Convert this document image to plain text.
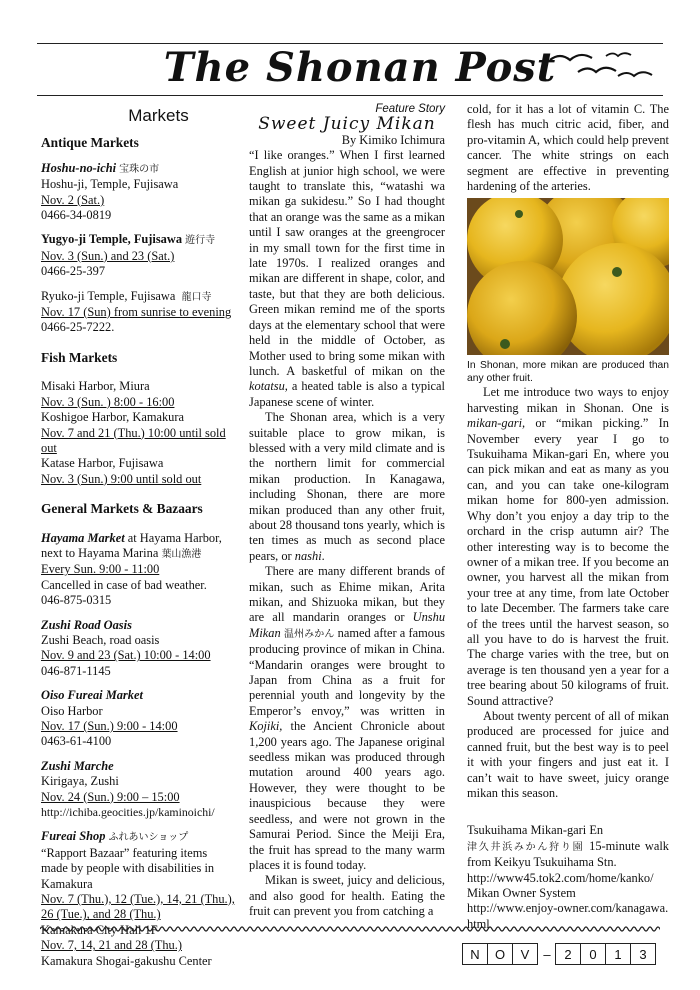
The Shonan Post
Markets
Antique Markets

Hoshu-no-ichi 宝珠の市

Hoshu-ji, Temple, Fujisawa

Nov. 2 (Sat.)

0466-34-0819

Yugyo-ji Temple, Fujisawa 遊行寺

Nov. 3 (Sun.) and 23 (Sat.)

0466-25-397

Ryuko-ji Temple, Fujisawa 龍口寺

Nov. 17 (Sun) from sunrise to evening 0466-25-7222.

Fish Markets

Misaki Harbor, Miura

Nov. 3 (Sun. ) 8:00 - 16:00

Koshigoe Harbor, Kamakura

Nov. 7 and 21 (Thu.) 10:00 until sold out

Katase Harbor, Fujisawa

Nov. 3 (Sun.) 9:00 until sold out

General Markets & Bazaars

Hayama Market at Hayama Harbor, next to Hayama Marina 葉山漁港

Every Sun. 9:00 - 11:00

Cancelled in case of bad weather.

046-875-0315

Zushi Road Oasis

Zushi Beach, road oasis

Nov. 9 and 23 (Sat.) 10:00 - 14:00

046-871-1145

Oiso Fureai Market

Oiso Harbor

Nov. 17 (Sun.) 9:00 - 14:00

0463-61-4100

Zushi Marche

Kirigaya, Zushi

Nov. 24 (Sun.) 9:00 – 15:00

http://ichiba.geocities.jp/kaminoichi/

Fureai Shop ふれあいショップ

“Rapport Bazaar” featuring items made by people with disabilities in Kamakura

Nov. 7 (Thu.), 12 (Tue.), 14, 21 (Thu.), 26 (Tue.), and 28 (Thu.)

Kamakura City Hall 1F

Nov. 7, 14, 21 and 28 (Thu.)

Kamakura Shogai-gakushu Center

Feature Story

Sweet Juicy Mikan

By Kimiko Ichimura

“I like oranges.” When I first learned English at junior high school, we were taught to translate this, “watashi wa mikan ga sukidesu.” So I had thought that an orange was the same as a mikan until I saw oranges at the greengrocer in my small town for the first time in late 1970s. I realized oranges and mikan are different in shape, color, and taste, but that they are both delicious. Green mikan remind me of the sports days at the elementary school that were held in the middle of October, as Mother used to bring some mikan with lunch. A basketful of mikan on the kotatsu, a heated table is also a typical Japanese scene of winter.

The Shonan area, which is a very suitable place to grow mikan, is blessed with a very mild climate and is the northern limit for commercial mikan production. In Kanagawa, including Shonan, there are more mikan produced than any other fruit, about 28 thousand tons yearly, which is ten times as much as second place pears, or nashi.

There are many different brands of mikan, such as Ehime mikan, Arita mikan, and Shizuoka mikan, but they are all mandarin oranges or Unshu Mikan 温州みかん named after a famous producing province of mikan in China. “Mandarin oranges were brought to Japan from China as a fruit for perennial youth and longevity by the Emperor’s envoy,” was written in Kojiki, the Ancient Chronicle about 1,200 years ago. The Japanese original seedless mikan was produced through mutation around 400 years ago. However, they were thought to be inauspicious because they were seedless, and were not grown in the Samurai Period. Since the Meiji Era, the fruit has spread to the many warm places it is found today.

Mikan is sweet, juicy and delicious, and also good for health. Eating the fruit can prevent you from catching a

cold, for it has a lot of vitamin C. The flesh has much citric acid, fiber, and pro-vitamin A, which could help prevent cancer. The white strings on each segment are effective in preventing hardening of the arteries.

In Shonan, more mikan are produced than any other fruit.

Let me introduce two ways to enjoy harvesting mikan in Shonan. One is mikan-gari, or “mikan picking.” In November every year I go to Tsukuihama Mikan-gari En, where you can pick mikan and eat as many as you can, and you can take one-kilogram mikan home for 800-yen admission. Why don’t you enjoy a day trip to the orchard in the crisp autumn air? The other interesting way is to become the owner of a mikan tree. If you become an owner, you harvest all the mikan from your tree at any time, from late October to late December. The farmers take care of the trees until the harvest season, so all you have to do is harvest the fruit. The charge varies with the tree, but on average is ten thousand yen a year for a tree bearing about 50 kilograms of fruit. Sound attractive?

About twenty percent of all of mikan produced are processed for juice and canned fruit, but the best way is to peel it with your fingers and just eat it. I can’t wait to have sweet, juicy orange mikan this season.

Tsukuihama Mikan-gari En

津久井浜みかん狩り園 15-minute walk from Keikyu Tsukuihama Stn.

http://www45.tok2.com/home/kanko/

Mikan Owner System

http://www.enjoy-owner.com/kanagawa.html

N	O	V	–	2	0	1	3
